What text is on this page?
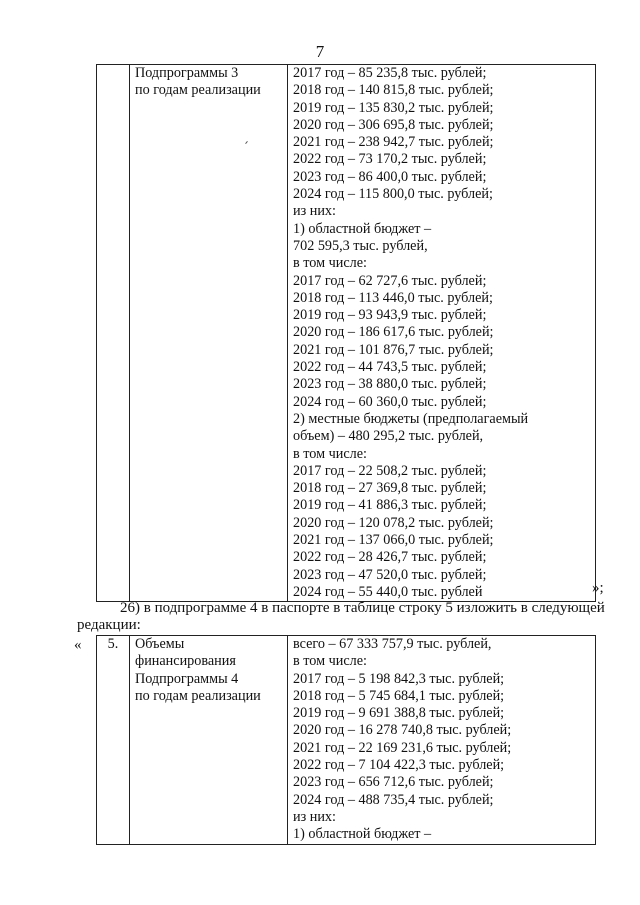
7

Подпрограммы 3
по годам реализации

2017 год – 85 235,8 тыс. рублей;
2018 год – 140 815,8 тыс. рублей;
2019 год – 135 830,2 тыс. рублей;
2020 год – 306 695,8 тыс. рублей;
2021 год – 238 942,7 тыс. рублей;
2022 год – 73 170,2 тыс. рублей;
2023 год – 86 400,0 тыс. рублей;
2024 год – 115 800,0 тыс. рублей;
из них:
1) областной бюджет –
702 595,3 тыс. рублей,
в том числе:
2017 год – 62 727,6 тыс. рублей;
2018 год – 113 446,0 тыс. рублей;
2019 год – 93 943,9 тыс. рублей;
2020 год – 186 617,6 тыс. рублей;
2021 год – 101 876,7 тыс. рублей;
2022 год – 44 743,5 тыс. рублей;
2023 год – 38 880,0 тыс. рублей;
2024 год – 60 360,0 тыс. рублей;
2) местные бюджеты (предполагаемый
объем) – 480 295,2 тыс. рублей,
в том числе:
2017 год – 22 508,2 тыс. рублей;
2018 год – 27 369,8 тыс. рублей;
2019 год – 41 886,3 тыс. рублей;
2020 год – 120 078,2 тыс. рублей;
2021 год – 137 066,0 тыс. рублей;
2022 год – 28 426,7 тыс. рублей;
2023 год – 47 520,0 тыс. рублей;
2024 год – 55 440,0 тыс. рублей	»;
26) в подпрограмме 4 в паспорте в таблице строку 5 изложить в следующей
редакции:
«	5.	Объемы
финансирования
Подпрограммы 4
по годам реализации

всего – 67 333 757,9 тыс. рублей,
в том числе:
2017 год – 5 198 842,3 тыс. рублей;
2018 год – 5 745 684,1 тыс. рублей;
2019 год – 9 691 388,8 тыс. рублей;
2020 год – 16 278 740,8 тыс. рублей;
2021 год – 22 169 231,6 тыс. рублей;
2022 год – 7 104 422,3 тыс. рублей;
2023 год – 656 712,6 тыс. рублей;
2024 год – 488 735,4 тыс. рублей;
из них:
1) областной бюджет –
